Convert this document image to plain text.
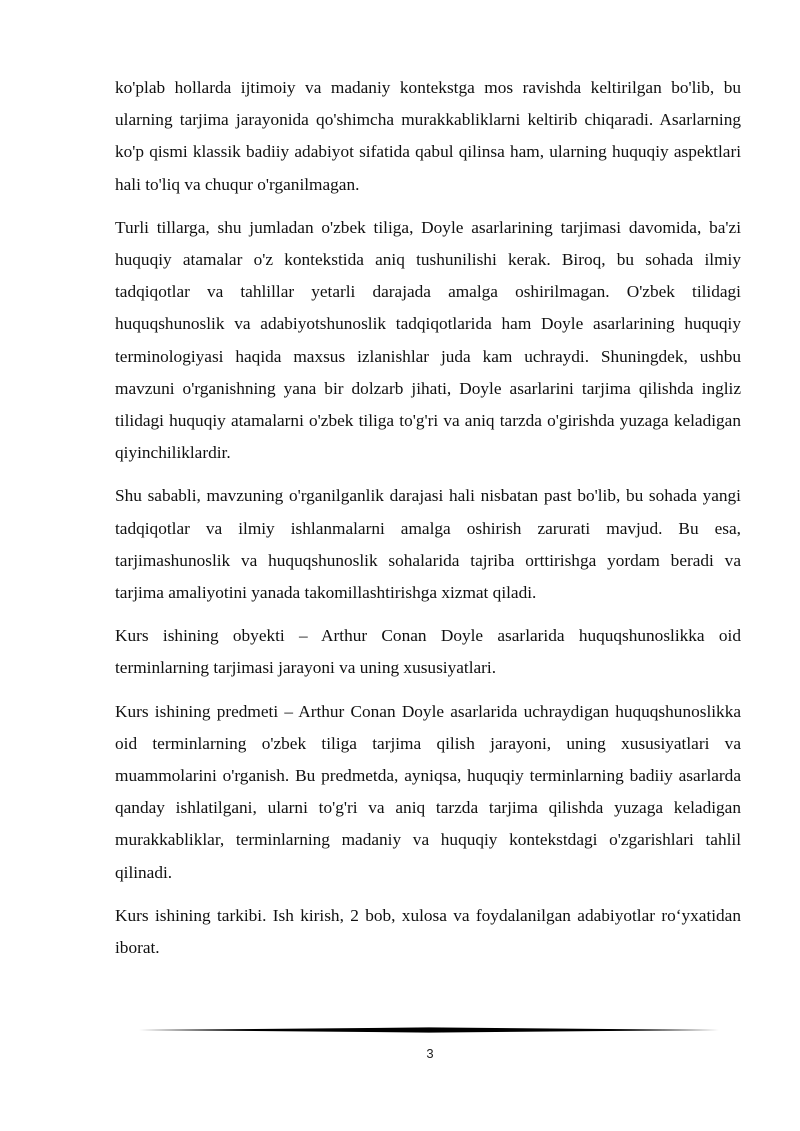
ko'plab hollarda ijtimoiy va madaniy kontekstga mos ravishda keltirilgan bo'lib, bu ularning tarjima jarayonida qo'shimcha murakkabliklarni keltirib chiqaradi. Asarlarning ko'p qismi klassik badiiy adabiyot sifatida qabul qilinsa ham, ularning huquqiy aspektlari hali to'liq va chuqur o'rganilmagan.

Turli tillarga, shu jumladan o'zbek tiliga, Doyle asarlarining tarjimasi davomida, ba'zi huquqiy atamalar o'z kontekstida aniq tushunilishi kerak. Biroq, bu sohada ilmiy tadqiqotlar va tahlillar yetarli darajada amalga oshirilmagan. O'zbek tilidagi huquqshunoslik va adabiyotshunoslik tadqiqotlarida ham Doyle asarlarining huquqiy terminologiyasi haqida maxsus izlanishlar juda kam uchraydi. Shuningdek, ushbu mavzuni o'rganishning yana bir dolzarb jihati, Doyle asarlarini tarjima qilishda ingliz tilidagi huquqiy atamalarni o'zbek tiliga to'g'ri va aniq tarzda o'girishda yuzaga keladigan qiyinchiliklardir.

Shu sababli, mavzuning o'rganilganlik darajasi hali nisbatan past bo'lib, bu sohada yangi tadqiqotlar va ilmiy ishlanmalarni amalga oshirish zarurati mavjud. Bu esa, tarjimashunoslik va huquqshunoslik sohalarida tajriba orttirishga yordam beradi va tarjima amaliyotini yanada takomillashtirishga xizmat qiladi.

Kurs ishining obyekti – Arthur Conan Doyle asarlarida huquqshunoslikka oid terminlarning tarjimasi jarayoni va uning xususiyatlari.

Kurs ishining predmeti – Arthur Conan Doyle asarlarida uchraydigan huquqshunoslikka oid terminlarning o'zbek tiliga tarjima qilish jarayoni, uning xususiyatlari va muammolarini o'rganish. Bu predmetda, ayniqsa, huquqiy terminlarning badiiy asarlarda qanday ishlatilgani, ularni to'g'ri va aniq tarzda tarjima qilishda yuzaga keladigan murakkabliklar, terminlarning madaniy va huquqiy kontekstdagi o'zgarishlari tahlil qilinadi.

Kurs ishining tarkibi. Ish kirish, 2 bob, xulosa va foydalanilgan adabiyotlar ro‘yxatidan iborat.

3
